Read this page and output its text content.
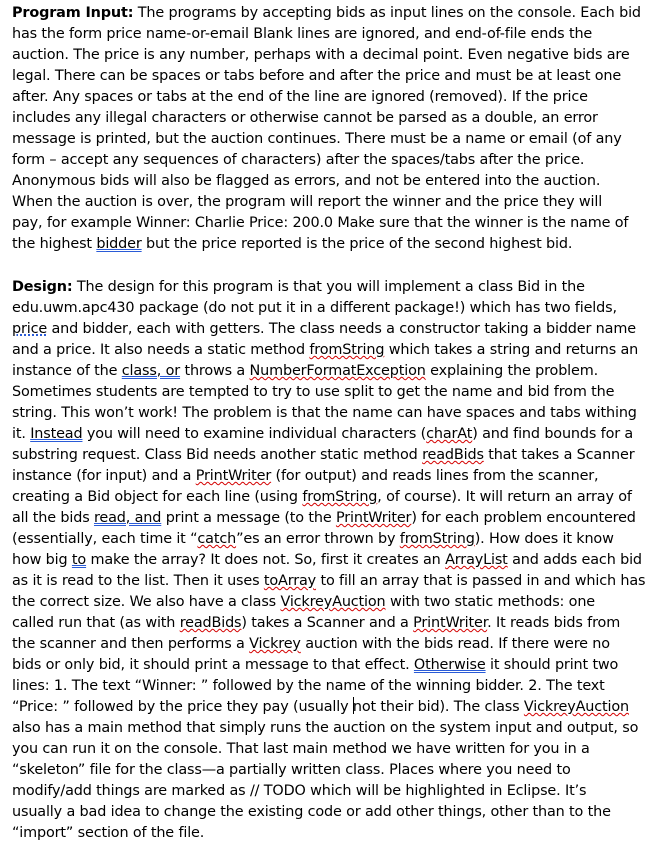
Program Input: The programs by accepting bids as input lines on the console. Each bid
has the form price name-or-email Blank lines are ignored, and end-of-file ends the
auction. The price is any number, perhaps with a decimal point. Even negative bids are
legal. There can be spaces or tabs before and after the price and must be at least one
after. Any spaces or tabs at the end of the line are ignored (removed). If the price
includes any illegal characters or otherwise cannot be parsed as a double, an error
message is printed, but the auction continues. There must be a name or email (of any
form – accept any sequences of characters) after the spaces/tabs after the price.
Anonymous bids will also be flagged as errors, and not be entered into the auction.
When the auction is over, the program will report the winner and the price they will
pay, for example Winner: Charlie Price: 200.0 Make sure that the winner is the name of
the highest bidder but the price reported is the price of the second highest bid.

Design: The design for this program is that you will implement a class Bid in the
edu.uwm.apc430 package (do not put it in a different package!) which has two fields,
price and bidder, each with getters. The class needs a constructor taking a bidder name
and a price. It also needs a static method fromString which takes a string and returns an
instance of the class, or throws a NumberFormatException explaining the problem.
Sometimes students are tempted to try to use split to get the name and bid from the
string. This won’t work! The problem is that the name can have spaces and tabs withing
it. Instead you will need to examine individual characters (charAt) and find bounds for a
substring request. Class Bid needs another static method readBids that takes a Scanner
instance (for input) and a PrintWriter (for output) and reads lines from the scanner,
creating a Bid object for each line (using fromString, of course). It will return an array of
all the bids read, and print a message (to the PrintWriter) for each problem encountered
(essentially, each time it “catch”es an error thrown by fromString). How does it know
how big to make the array? It does not. So, first it creates an ArrayList and adds each bid
as it is read to the list. Then it uses toArray to fill an array that is passed in and which has
the correct size. We also have a class VickreyAuction with two static methods: one
called run that (as with readBids) takes a Scanner and a PrintWriter. It reads bids from
the scanner and then performs a Vickrey auction with the bids read. If there were no
bids or only bid, it should print a message to that effect. Otherwise it should print two
lines: 1. The text “Winner: ” followed by the name of the winning bidder. 2. The text
“Price: ” followed by the price they pay (usually not their bid). The class VickreyAuction
also has a main method that simply runs the auction on the system input and output, so
you can run it on the console. That last main method we have written for you in a
“skeleton” file for the class—a partially written class. Places where you need to
modify/add things are marked as // TODO which will be highlighted in Eclipse. It’s
usually a bad idea to change the existing code or add other things, other than to the
“import” section of the file.
